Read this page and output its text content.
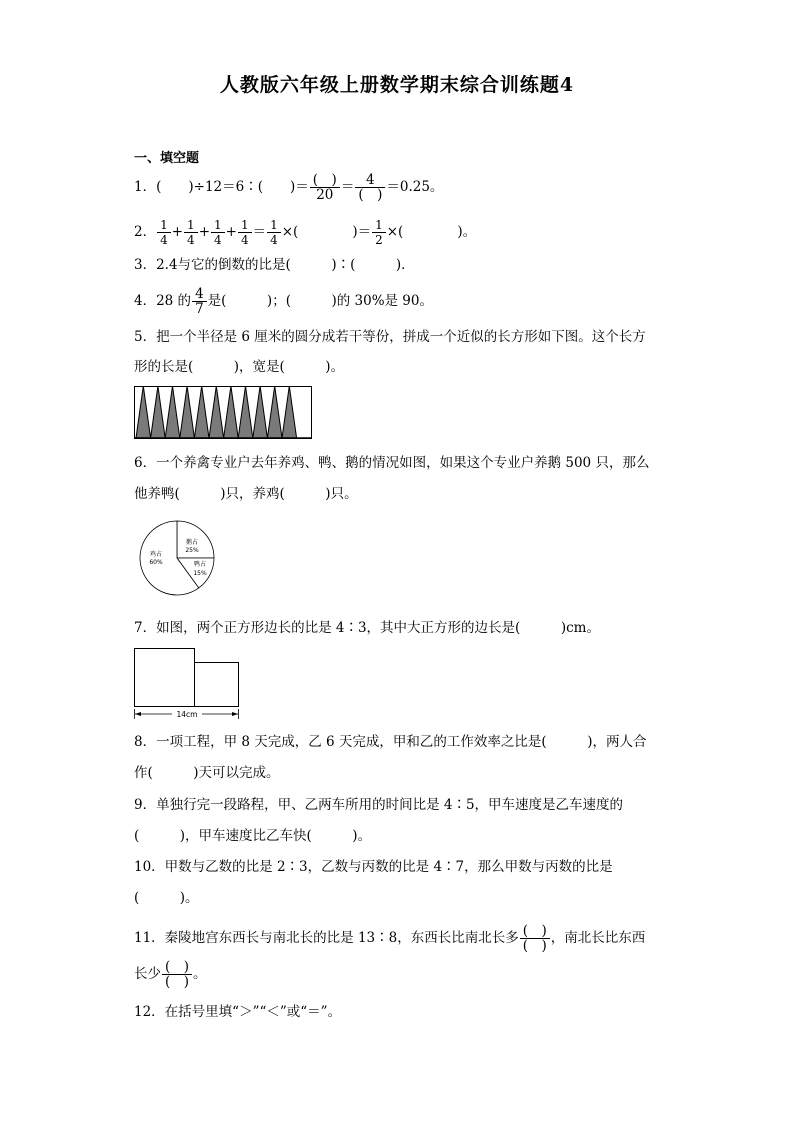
人教版六年级上册数学期末综合训练题4
一、填空题
1．(　　)÷12＝6∶(　　)＝ $\frac{( )}{20} = \frac{4}{( )} =0.25$。
2． $\frac{1}{4} + \frac{1}{4} + \frac{1}{4} + \frac{1}{4} = \frac{1}{4}$ ×(	)＝ $\frac{1}{2}$ ×(	)。
3．2.4与它的倒数的比是(　　　)∶(　　　)．
4．28 的 $\frac{4}{7}$ 是(　　　)；(　　　)的 30%是 90。
5．把一个半径是 6 厘米的圆分成若干等份，拼成一个近似的长方形如下图。这个长方
形的长是(　　　)，宽是(　　　)。
6．一个养禽专业户去年养鸡、鸭、鹅的情况如图，如果这个专业户养鹅 500 只，那么
他养鸭(　　　)只，养鸡(　　　)只。
鸡占
60%
鹅占
25%
鸭占
15%
7．如图，两个正方形边长的比是 4∶3，其中大正方形的边长是(　　　)cm。
14cm
8．一项工程，甲 8 天完成，乙 6 天完成，甲和乙的工作效率之比是(　　　)，两人合
作(　　　)天可以完成。
9．单独行完一段路程，甲、乙两车所用的时间比是 4∶5，甲车速度是乙车速度的
(　　　)，甲车速度比乙车快(　　　)。
10．甲数与乙数的比是 2∶3，乙数与丙数的比是 4∶7，那么甲数与丙数的比是
(　　　)。
11．秦陵地宫东西长与南北长的比是 13∶8，东西长比南北长多 $\frac{( )}{( )}$ ，南北长比东西
长少 $\frac{( )}{( )}$ 。
12．在括号里填“＞”“＜”或“＝”。
